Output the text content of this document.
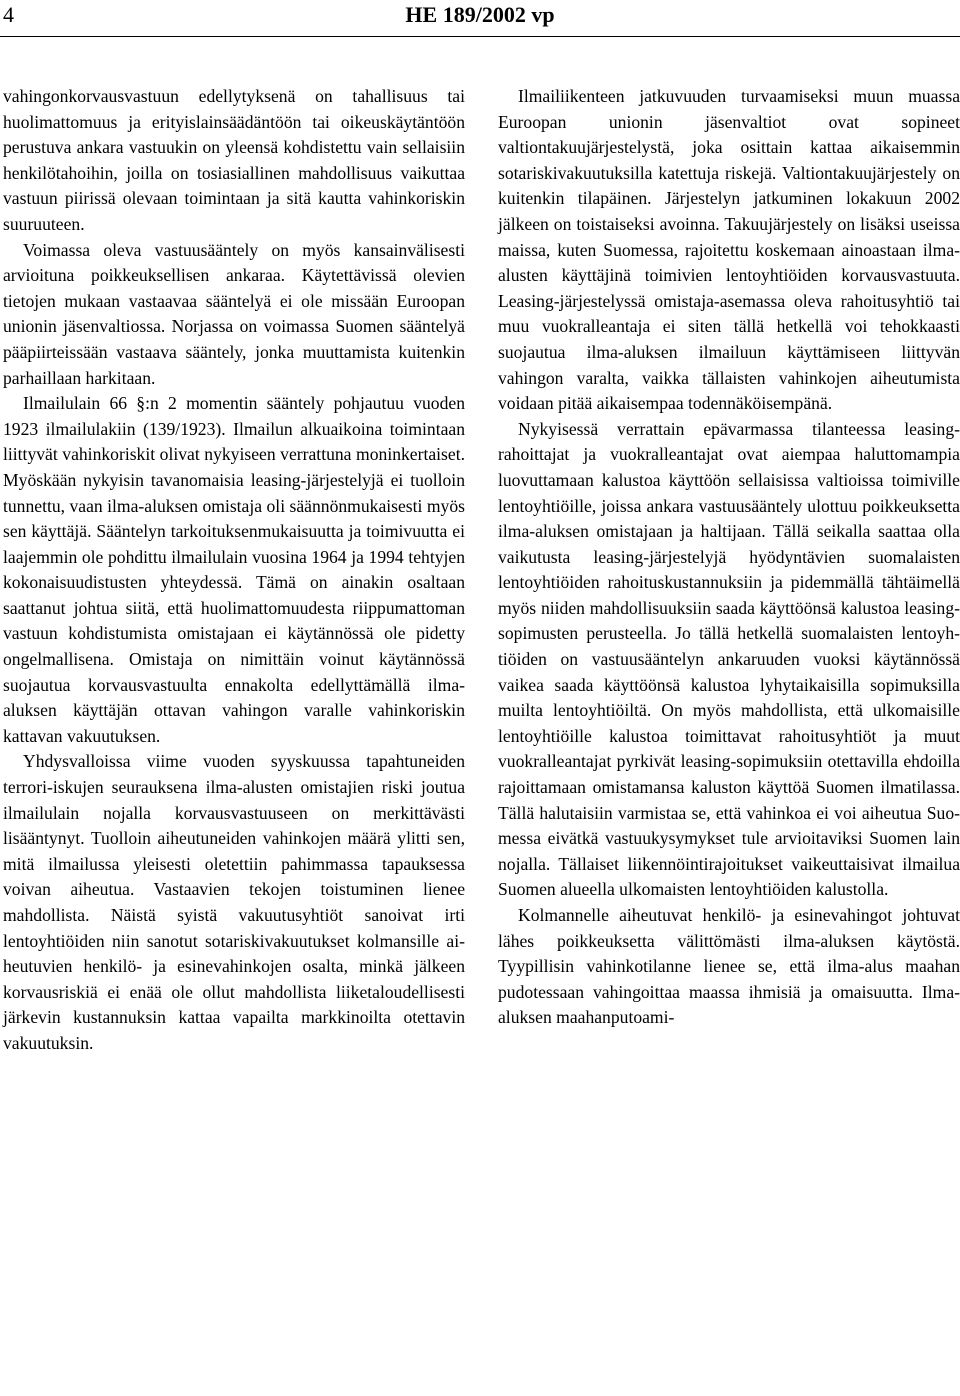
4	HE 189/2002 vp

vahingonkorvausvastuun edellytyksenä on tahallisuus tai huolimattomuus ja erityislainsäädäntöön tai oikeuskäytäntöön perustuva ankara vastuukin on yleensä kohdistettu vain sellaisiin henkilötahoihin, joilla on tosiasiallinen mahdollisuus vaikuttaa vastuun piirissä olevaan toimintaan ja sitä kautta vahinkoriskin suuruuteen.

Voimassa oleva vastuusääntely on myös kansainvälisesti arvioituna poikkeuksellisen ankaraa. Käytettävissä olevien tietojen mukaan vastaavaa sääntelyä ei ole missään Euroopan unionin jäsenvaltiossa. Norjassa on voimassa Suomen sääntelyä pääpiirteissään vastaava sääntely, jonka muuttamista kuitenkin parhaillaan harkitaan.

Ilmailulain 66 §:n 2 momentin sääntely pohjautuu vuoden 1923 ilmailulakiin (139/1923). Ilmailun alkuaikoina toimintaan liittyvät vahinkoriskit olivat nykyiseen verrattuna moninkertaiset. Myöskään nykyisin tavanomaisia leasing-järjestelyjä ei tuolloin tunnettu, vaan ilma-aluksen omistaja oli säännönmukaisesti myös sen käyttäjä. Sääntelyn tarkoituksenmukaisuutta ja toimivuutta ei laajemmin ole pohdittu ilmailulain vuosina 1964 ja 1994 tehtyjen kokonaisuudistusten yhteydessä. Tämä on ainakin osaltaan saattanut johtua siitä, että huolimattomuudesta riippumattoman vastuun kohdistumista omistajaan ei käytännössä ole pidetty ongelmallisena. Omistaja on nimittäin voinut käytännössä suojautua korvausvastuulta ennakolta edellyttämällä ilma-aluksen käyttäjän ottavan vahingon varalle vahinkoriskin kattavan vakuutuksen.

Yhdysvalloissa viime vuoden syyskuussa tapahtuneiden terrori-iskujen seurauksena ilma-alusten omistajien riski joutua ilmailulain nojalla korvausvastuuseen on merkittävästi lisääntynyt. Tuolloin aiheutuneiden vahinkojen määrä ylitti sen, mitä ilmailussa yleisesti oletettiin pahimmassa tapauksessa voivan aiheutua. Vastaavien tekojen toistuminen lienee mahdollista. Näistä syistä vakuutusyhtiöt sanoivat irti lentoyhtiöiden niin sanotut sotariskivakuutukset kolmansille aiheutuvien henkilö- ja esinevahinkojen osalta, minkä jälkeen korvausriskiä ei enää ole ollut mahdollista liiketaloudellisesti järkevin kustannuksin kattaa vapailta markkinoilta otettavin vakuutuksin.

Ilmailiikenteen jatkuvuuden turvaamiseksi muun muassa Euroopan unionin jäsenvaltiot ovat sopineet valtiontakuujärjestelystä, joka osittain kattaa aikaisemmin sotariskivakuutuksilla katettuja riskejä. Valtiontakuujärjestely on kuitenkin tilapäinen. Järjestelyn jatkuminen lokakuun 2002 jälkeen on toistaiseksi avoinna. Takuujärjestely on lisäksi useissa maissa, kuten Suomessa, rajoitettu koskemaan ainoastaan ilma-alusten käyttäjinä toimivien lentoyhtiöiden korvausvastuuta. Leasing-järjestelyssä omistaja-asemassa oleva rahoitusyhtiö tai muu vuokralleantaja ei siten tällä hetkellä voi tehokkaasti suojautua ilma-aluksen ilmailuun käyttämiseen liittyvän vahingon varalta, vaikka tällaisten vahinkojen aiheutumista voidaan pitää aikaisempaa todennäköisempänä.

Nykyisessä verrattain epävarmassa tilanteessa leasing-rahoittajat ja vuokralleantajat ovat aiempaa haluttomampia luovuttamaan kalustoa käyttöön sellaisissa valtioissa toimiville lentoyhtiöille, joissa ankara vastuusääntely ulottuu poikkeuksetta ilma-aluksen omistajaan ja haltijaan. Tällä seikalla saattaa olla vaikutusta leasing-järjestelyjä hyödyntävien suomalaisten lentoyhtiöiden rahoituskustannuksiin ja pidemmällä tähtäimellä myös niiden mahdollisuuksiin saada käyttöönsä kalustoa leasing-sopimusten perusteella. Jo tällä hetkellä suomalaisten lentoyhtiöiden on vastuusääntelyn ankaruuden vuoksi käytännössä vaikea saada käyttöönsä kalustoa lyhytaikaisilla sopimuksilla muilta lentoyhtiöiltä. On myös mahdollista, että ulkomaisille lentoyhtiöille kalustoa toimittavat rahoitusyhtiöt ja muut vuokralleantajat pyrkivät leasing-sopimuksiin otettavilla ehdoilla rajoittamaan omistamansa kaluston käyttöä Suomen ilmatilassa. Tällä halutaisiin varmistaa se, että vahinkoa ei voi aiheutua Suomessa eivätkä vastuukysymykset tule arvioitaviksi Suomen lain nojalla. Tällaiset liikennöintirajoitukset vaikeuttaisivat ilmailua Suomen alueella ulkomaisten lentoyhtiöiden kalustolla.

Kolmannelle aiheutuvat henkilö- ja esinevahingot johtuvat lähes poikkeuksetta välittömästi ilma-aluksen käytöstä. Tyypillisin vahinkotilanne lienee se, että ilma-alus maahan pudotessaan vahingoittaa maassa ihmisiä ja omaisuutta. Ilma-aluksen maahanputoami-
